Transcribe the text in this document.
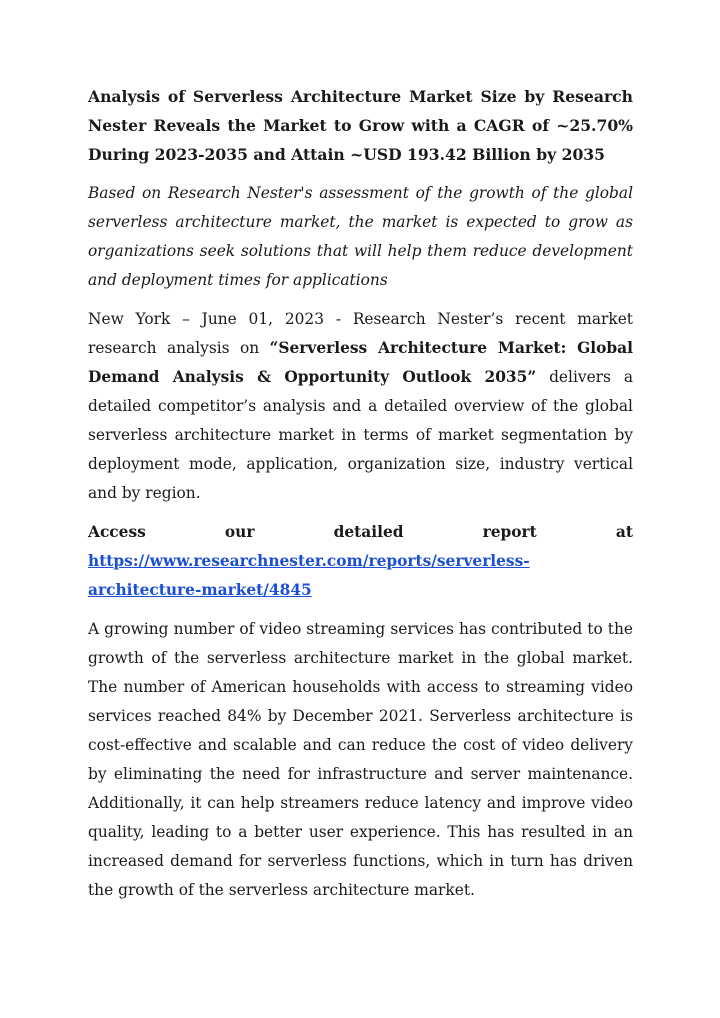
Analysis of Serverless Architecture Market Size by Research Nester Reveals the Market to Grow with a CAGR of ~25.70% During 2023-2035 and Attain ~USD 193.42 Billion by 2035

Based on Research Nester's assessment of the growth of the global serverless architecture market, the market is expected to grow as organizations seek solutions that will help them reduce development and deployment times for applications

New York – June 01, 2023 - Research Nester’s recent market research analysis on “Serverless Architecture Market: Global Demand Analysis & Opportunity Outlook 2035” delivers a detailed competitor’s analysis and a detailed overview of the global serverless architecture market in terms of market segmentation by deployment mode, application, organization size, industry vertical and by region.

Access	our	detailed	report	at
https://www.researchnester.com/reports/serverless-
architecture-market/4845

A growing number of video streaming services has contributed to the growth of the serverless architecture market in the global market. The number of American households with access to streaming video services reached 84% by December 2021. Serverless architecture is cost-effective and scalable and can reduce the cost of video delivery by eliminating the need for infrastructure and server maintenance. Additionally, it can help streamers reduce latency and improve video quality, leading to a better user experience. This has resulted in an increased demand for serverless functions, which in turn has driven the growth of the serverless architecture market.
